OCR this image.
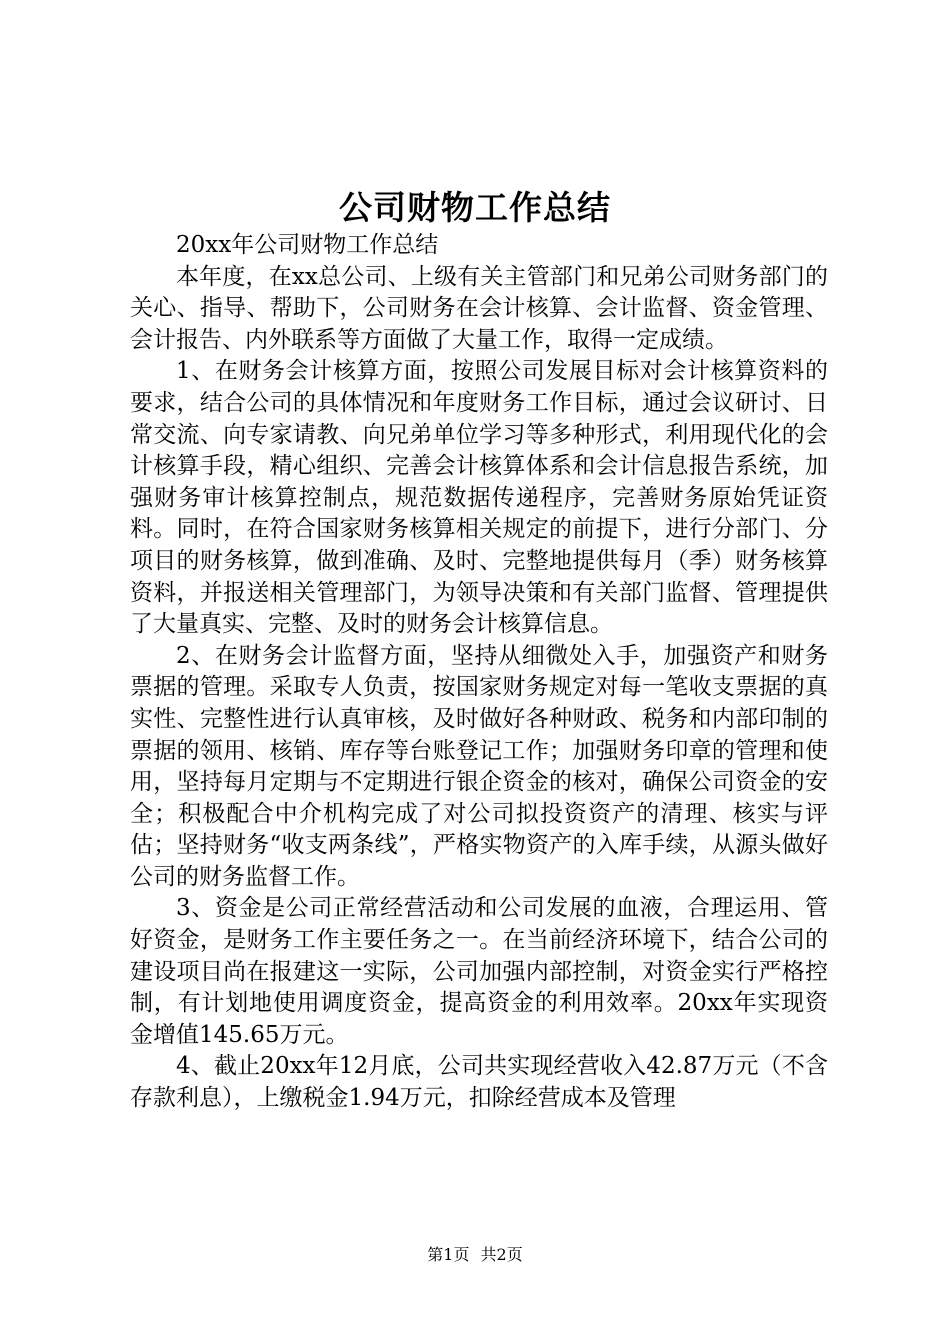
公司财物工作总结

20xx年公司财物工作总结

本年度，在xx总公司、上级有关主管部门和兄弟公司财务部门的关心、指导、帮助下，公司财务在会计核算、会计监督、资金管理、会计报告、内外联系等方面做了大量工作，取得一定成绩。

1、在财务会计核算方面，按照公司发展目标对会计核算资料的要求，结合公司的具体情况和年度财务工作目标，通过会议研讨、日常交流、向专家请教、向兄弟单位学习等多种形式，利用现代化的会计核算手段，精心组织、完善会计核算体系和会计信息报告系统，加强财务审计核算控制点，规范数据传递程序，完善财务原始凭证资料。同时，在符合国家财务核算相关规定的前提下，进行分部门、分项目的财务核算，做到准确、及时、完整地提供每月（季）财务核算资料，并报送相关管理部门，为领导决策和有关部门监督、管理提供了大量真实、完整、及时的财务会计核算信息。

2、在财务会计监督方面，坚持从细微处入手，加强资产和财务票据的管理。采取专人负责，按国家财务规定对每一笔收支票据的真实性、完整性进行认真审核，及时做好各种财政、税务和内部印制的票据的领用、核销、库存等台账登记工作；加强财务印章的管理和使用，坚持每月定期与不定期进行银企资金的核对，确保公司资金的安全；积极配合中介机构完成了对公司拟投资资产的清理、核实与评估；坚持财务“收支两条线”，严格实物资产的入库手续，从源头做好公司的财务监督工作。

3、资金是公司正常经营活动和公司发展的血液，合理运用、管好资金，是财务工作主要任务之一。在当前经济环境下，结合公司的建设项目尚在报建这一实际，公司加强内部控制，对资金实行严格控制，有计划地使用调度资金，提高资金的利用效率。20xx年实现资金增值145.65万元。

4、截止20xx年12月底，公司共实现经营收入42.87万元（不含存款利息），上缴税金1.94万元，扣除经营成本及管理

第1页 共2页
